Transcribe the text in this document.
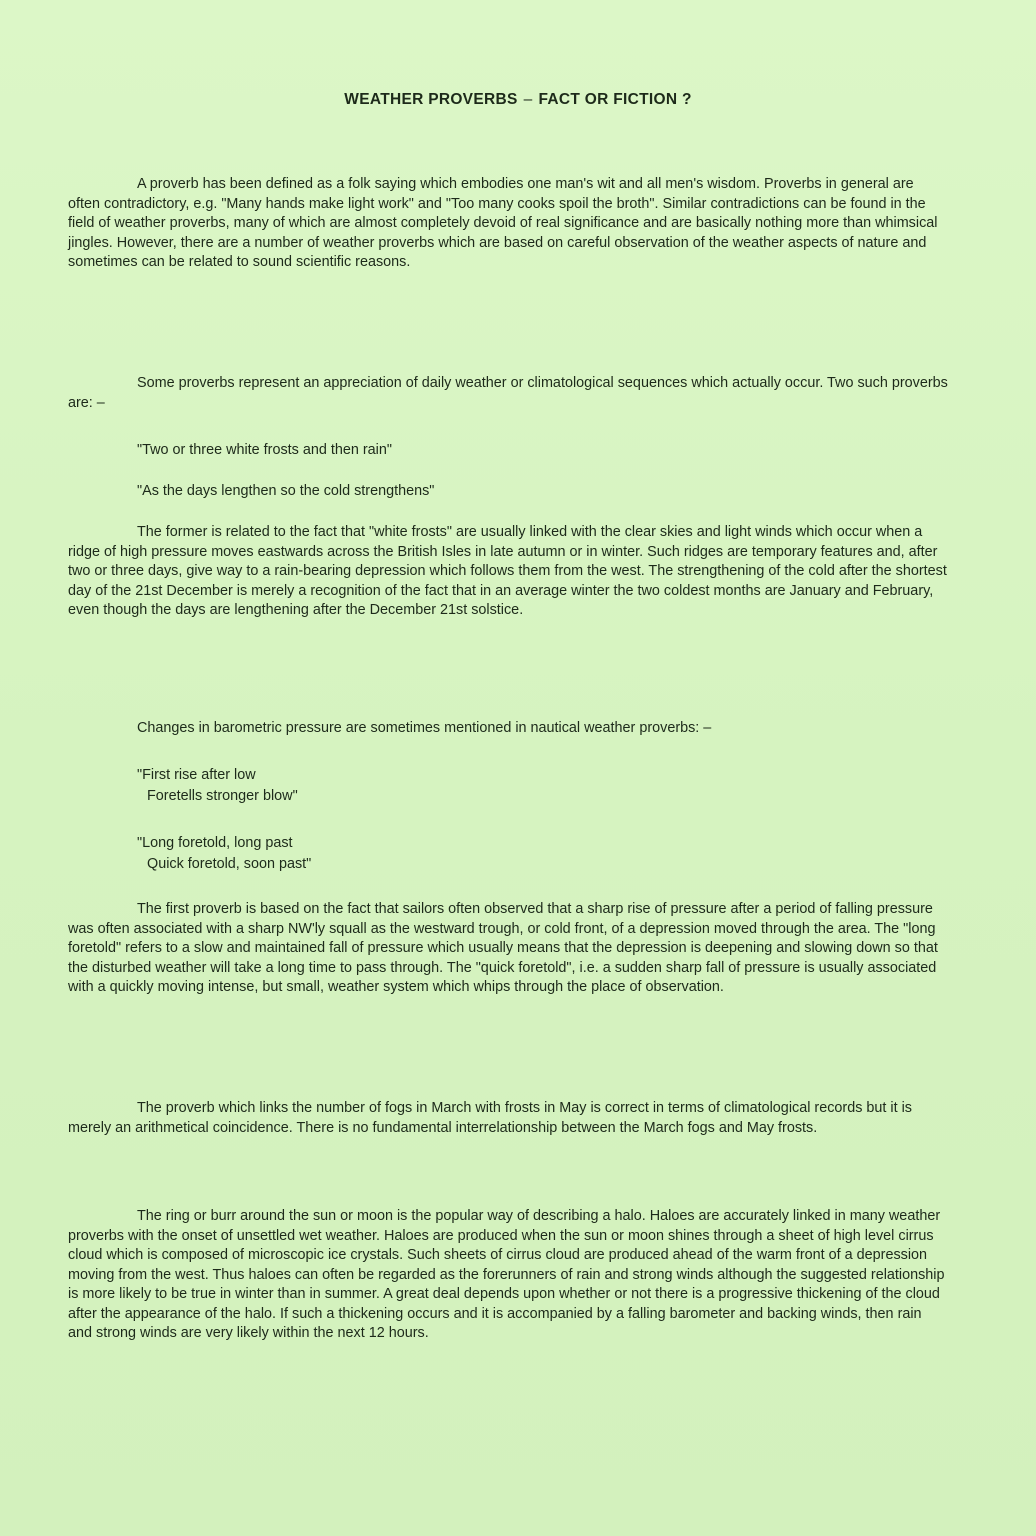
WEATHER PROVERBS – FACT OR FICTION ?

A proverb has been defined as a folk saying which embodies one man's wit and all men's wisdom. Proverbs in general are often contradictory, e.g. "Many hands make light work" and "Too many cooks spoil the broth". Similar contradictions can be found in the field of weather proverbs, many of which are almost completely devoid of real significance and are basically nothing more than whimsical jingles. However, there are a number of weather proverbs which are based on careful observation of the weather aspects of nature and sometimes can be related to sound scientific reasons.

Some proverbs represent an appreciation of daily weather or climatological sequences which actually occur. Two such proverbs are: –

"Two or three white frosts and then rain"

"As the days lengthen so the cold strengthens"

The former is related to the fact that "white frosts" are usually linked with the clear skies and light winds which occur when a ridge of high pressure moves eastwards across the British Isles in late autumn or in winter. Such ridges are temporary features and, after two or three days, give way to a rain-bearing depression which follows them from the west. The strengthening of the cold after the shortest day of the 21st December is merely a recognition of the fact that in an average winter the two coldest months are January and February, even though the days are lengthening after the December 21st solstice.

Changes in barometric pressure are sometimes mentioned in nautical weather proverbs: –

"First rise after low
Foretells stronger blow"

"Long foretold, long past
Quick foretold, soon past"

The first proverb is based on the fact that sailors often observed that a sharp rise of pressure after a period of falling pressure was often associated with a sharp NW'ly squall as the westward trough, or cold front, of a depression moved through the area. The "long foretold" refers to a slow and maintained fall of pressure which usually means that the depression is deepening and slowing down so that the disturbed weather will take a long time to pass through. The "quick foretold", i.e. a sudden sharp fall of pressure is usually associated with a quickly moving intense, but small, weather system which whips through the place of observation.

The proverb which links the number of fogs in March with frosts in May is correct in terms of climatological records but it is merely an arithmetical coincidence. There is no fundamental interrelationship between the March fogs and May frosts.

The ring or burr around the sun or moon is the popular way of describing a halo. Haloes are accurately linked in many weather proverbs with the onset of unsettled wet weather. Haloes are produced when the sun or moon shines through a sheet of high level cirrus cloud which is composed of microscopic ice crystals. Such sheets of cirrus cloud are produced ahead of the warm front of a depression moving from the west. Thus haloes can often be regarded as the forerunners of rain and strong winds although the suggested relationship is more likely to be true in winter than in summer. A great deal depends upon whether or not there is a progressive thickening of the cloud after the appearance of the halo. If such a thickening occurs and it is accompanied by a falling barometer and backing winds, then rain and strong winds are very likely within the next 12 hours.
